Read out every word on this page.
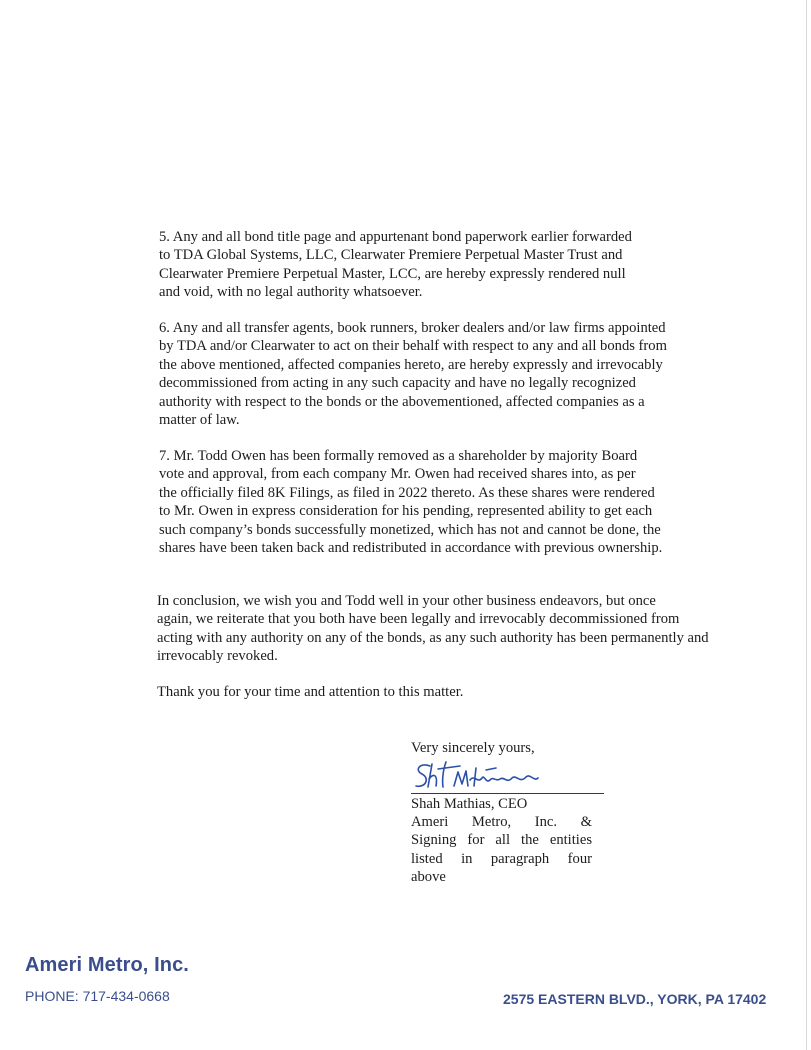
5. Any and all bond title page and appurtenant bond paperwork earlier forwarded
to TDA Global Systems, LLC, Clearwater Premiere Perpetual Master Trust and
Clearwater Premiere Perpetual Master, LCC, are hereby expressly rendered null
and void, with no legal authority whatsoever.
6. Any and all transfer agents, book runners, broker dealers and/or law firms appointed
by TDA and/or Clearwater to act on their behalf with respect to any and all bonds from
the above mentioned, affected companies hereto, are hereby expressly and irrevocably
decommissioned from acting in any such capacity and have no legally recognized
authority with respect to the bonds or the abovementioned, affected companies as a
matter of law.
7. Mr. Todd Owen has been formally removed as a shareholder by majority Board
vote and approval, from each company Mr. Owen had received shares into, as per
the officially filed 8K Filings, as filed in 2022 thereto. As these shares were rendered
to Mr. Owen in express consideration for his pending, represented ability to get each
such company’s bonds successfully monetized, which has not and cannot be done, the
shares have been taken back and redistributed in accordance with previous ownership.
In conclusion, we wish you and Todd well in your other business endeavors, but once
again, we reiterate that you both have been legally and irrevocably decommissioned from
acting with any authority on any of the bonds, as any such authority has been permanently and
irrevocably revoked.
Thank you for your time and attention to this matter.
Very sincerely yours,
Shah Mathias, CEO
Ameri Metro, Inc. &
Signing for all the entities
listed in paragraph four
above
Ameri Metro, Inc.
PHONE: 717-434-0668	2575 EASTERN BLVD., YORK, PA 17402
